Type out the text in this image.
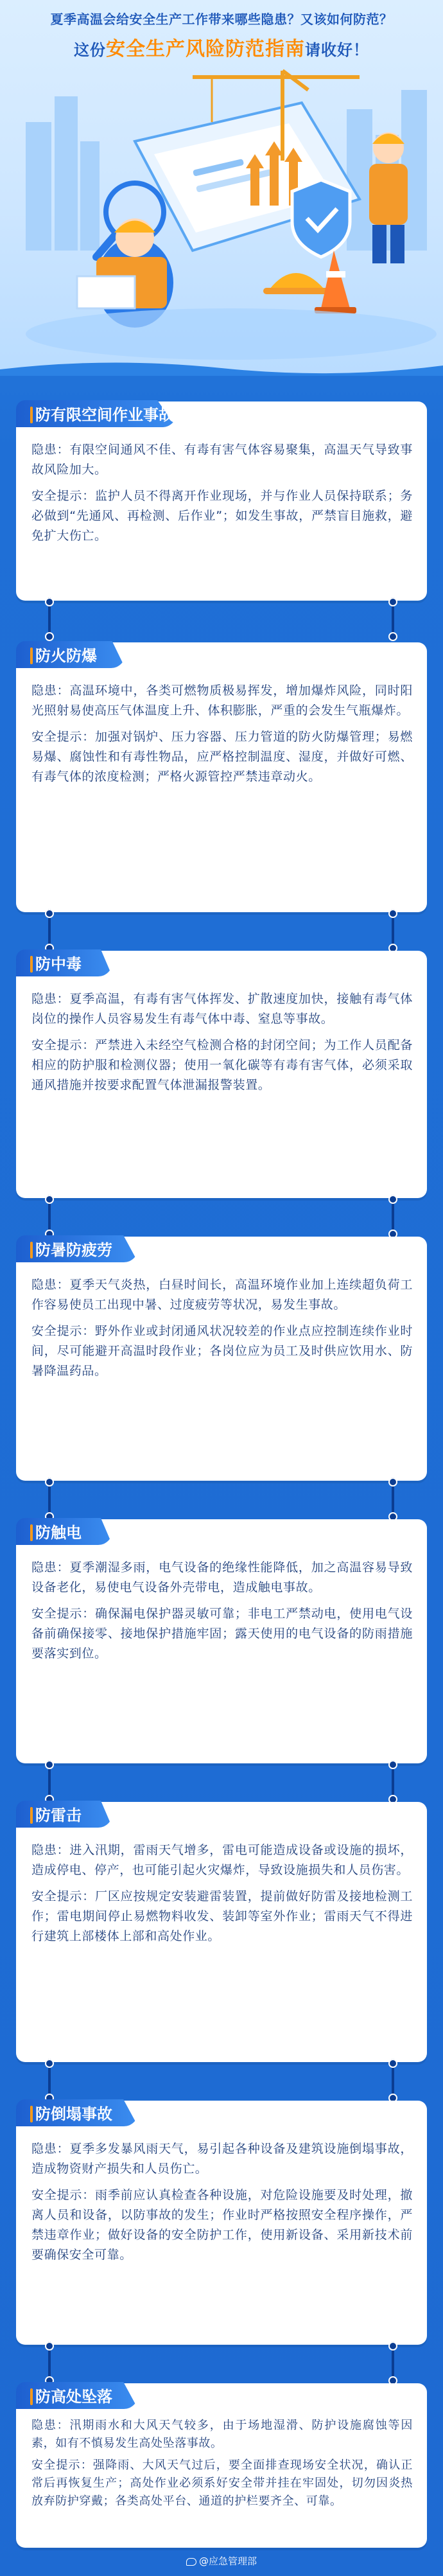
夏季高温会给安全生产工作带来哪些隐患？又该如何防范？
这份安全生产风险防范指南请收好！
防有限空间作业事故

隐患：有限空间通风不佳、有毒有害气体容易聚集，高温天气导致事故风险加大。

安全提示：监护人员不得离开作业现场，并与作业人员保持联系；务必做到“先通风、再检测、后作业”；如发生事故，严禁盲目施救，避免扩大伤亡。

防火防爆

隐患：高温环境中，各类可燃物质极易挥发，增加爆炸风险，同时阳光照射易使高压气体温度上升、体积膨胀，严重的会发生气瓶爆炸。

安全提示：加强对锅炉、压力容器、压力管道的防火防爆管理；易燃易爆、腐蚀性和有毒性物品，应严格控制温度、湿度，并做好可燃、有毒气体的浓度检测；严格火源管控严禁违章动火。

防中毒

隐患：夏季高温，有毒有害气体挥发、扩散速度加快，接触有毒气体岗位的操作人员容易发生有毒气体中毒、窒息等事故。

安全提示：严禁进入未经空气检测合格的封闭空间；为工作人员配备相应的防护服和检测仪器；使用一氧化碳等有毒有害气体，必须采取通风措施并按要求配置气体泄漏报警装置。

防暑防疲劳

隐患：夏季天气炎热，白昼时间长，高温环境作业加上连续超负荷工作容易使员工出现中暑、过度疲劳等状况，易发生事故。

安全提示：野外作业或封闭通风状况较差的作业点应控制连续作业时间，尽可能避开高温时段作业；各岗位应为员工及时供应饮用水、防暑降温药品。

防触电

隐患：夏季潮湿多雨，电气设备的绝缘性能降低，加之高温容易导致设备老化，易使电气设备外壳带电，造成触电事故。

安全提示：确保漏电保护器灵敏可靠；非电工严禁动电，使用电气设备前确保接零、接地保护措施牢固；露天使用的电气设备的防雨措施要落实到位。

防雷击

隐患：进入汛期，雷雨天气增多，雷电可能造成设备或设施的损坏，造成停电、停产，也可能引起火灾爆炸，导致设施损失和人员伤害。

安全提示：厂区应按规定安装避雷装置，提前做好防雷及接地检测工作；雷电期间停止易燃物料收发、装卸等室外作业；雷雨天气不得进行建筑上部楼体上部和高处作业。

防倒塌事故

隐患：夏季多发暴风雨天气，易引起各种设备及建筑设施倒塌事故，造成物资财产损失和人员伤亡。

安全提示：雨季前应认真检查各种设施，对危险设施要及时处理，撤离人员和设备，以防事故的发生；作业时严格按照安全程序操作，严禁违章作业；做好设备的安全防护工作，使用新设备、采用新技术前要确保安全可靠。

防高处坠落

隐患：汛期雨水和大风天气较多，由于场地湿滑、防护设施腐蚀等因素，如有不慎易发生高处坠落事故。

安全提示：强降雨、大风天气过后，要全面排查现场安全状况，确认正常后再恢复生产；高处作业必须系好安全带并挂在牢固处，切勿因炎热放弃防护穿戴；各类高处平台、通道的护栏要齐全、可靠。

@应急管理部
